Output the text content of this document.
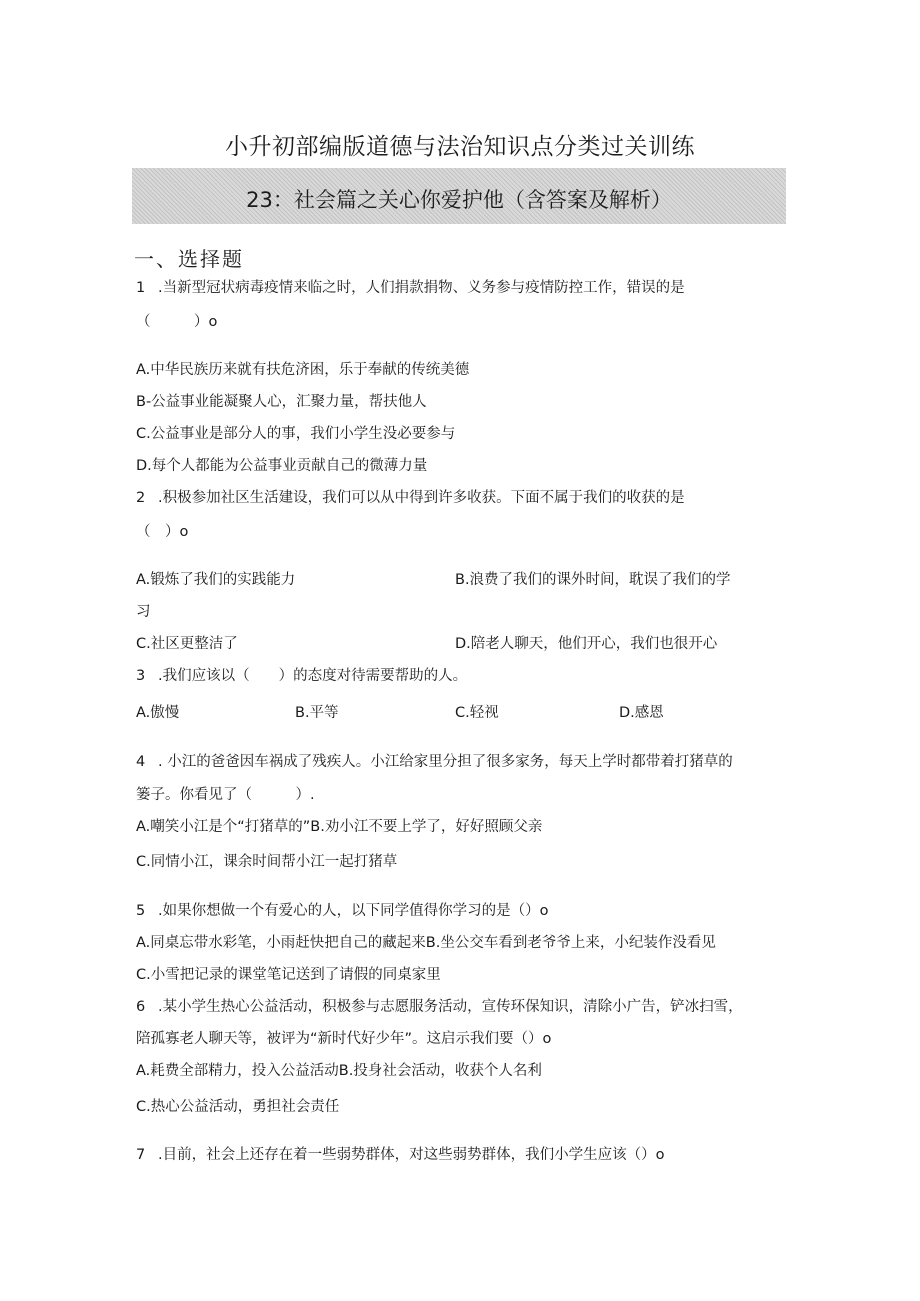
小升初部编版道德与法治知识点分类过关训练
23：社会篇之关心你爱护他（含答案及解析）
一、选择题
1 .当新型冠状病毒疫情来临之时，人们捐款捐物、义务参与疫情防控工作，错误的是
（　　　）o
A.中华民族历来就有扶危济困，乐于奉献的传统美德
B-公益事业能凝聚人心，汇聚力量，帮扶他人
C.公益事业是部分人的事，我们小学生没必要参与
D.每个人都能为公益事业贡献自己的微薄力量
2 .积极参加社区生活建设，我们可以从中得到许多收获。下面不属于我们的收获的是
（　）o
A.锻炼了我们的实践能力	B.浪费了我们的课外时间，耽误了我们的学
习
C.社区更整洁了	D.陪老人聊天，他们开心，我们也很开心
3 .我们应该以（　　）的态度对待需要帮助的人。
A.傲慢	B.平等	C.轻视	D.感恩
4 . 小江的爸爸因车祸成了残疾人。小江给家里分担了很多家务，每天上学时都带着打猪草的
篓子。你看见了（　　　）.
A.嘲笑小江是个“打猪草的”B.劝小江不要上学了，好好照顾父亲
C.同情小江，课余时间帮小江一起打猪草
5 .如果你想做一个有爱心的人，以下同学值得你学习的是（）o
A.同桌忘带水彩笔，小雨赶快把自己的藏起来B.坐公交车看到老爷爷上来，小纪装作没看见
C.小雪把记录的课堂笔记送到了请假的同桌家里
6 .某小学生热心公益活动，积极参与志愿服务活动，宣传环保知识，清除小广告，铲冰扫雪，
陪孤寡老人聊天等，被评为“新时代好少年”。这启示我们要（）o
A.耗费全部精力，投入公益活动B.投身社会活动，收获个人名利
C.热心公益活动，勇担社会责任
7 .目前，社会上还存在着一些弱势群体，对这些弱势群体，我们小学生应该（）o
